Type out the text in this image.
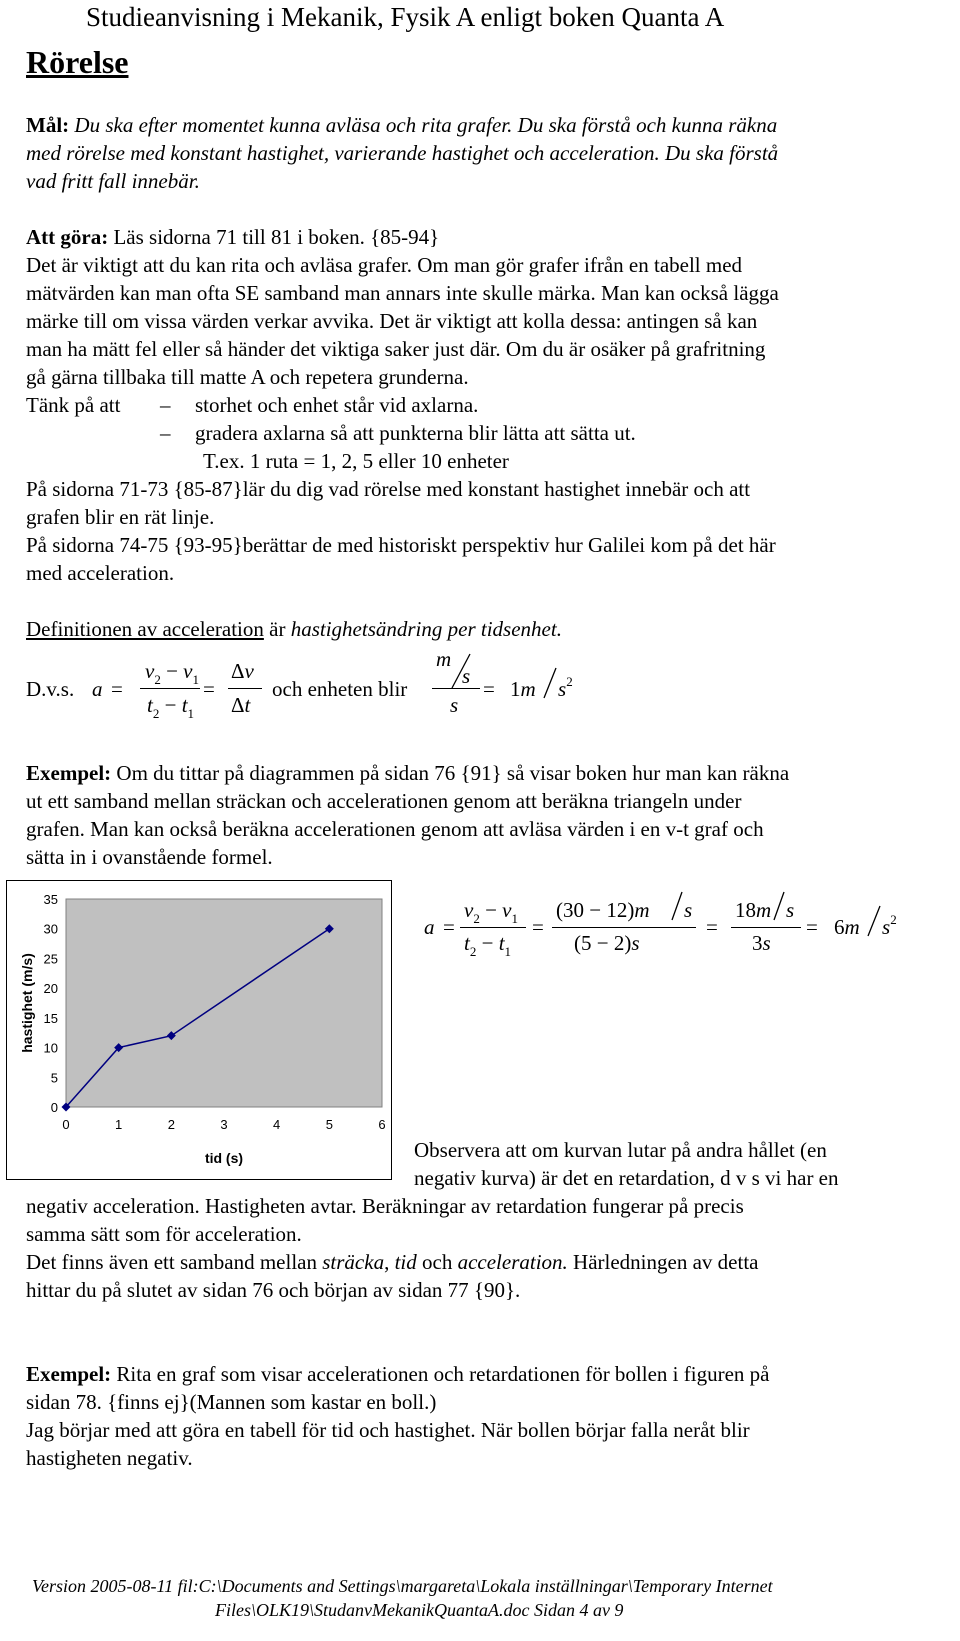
Studieanvisning i Mekanik, Fysik A enligt boken Quanta A
Rörelse
Mål: Du ska efter momentet kunna avläsa och rita grafer. Du ska förstå och kunna räkna
med rörelse med konstant hastighet, varierande hastighet och acceleration. Du ska förstå
vad fritt fall innebär.
Att göra: Läs sidorna 71 till 81 i boken. {85-94}
Det är viktigt att du kan rita och avläsa grafer. Om man gör grafer ifrån en tabell med
mätvärden kan man ofta SE samband man annars inte skulle märka. Man kan också lägga
märke till om vissa värden verkar avvika. Det är viktigt att kolla dessa: antingen så kan
man ha mätt fel eller så händer det viktiga saker just där. Om du är osäker på grafritning
gå gärna tillbaka till matte A och repetera grunderna.
Tänk på att – storhet och enhet står vid axlarna.
– gradera axlarna så att punkterna blir lätta att sätta ut.
T.ex. 1 ruta = 1, 2, 5 eller 10 enheter
På sidorna 71-73 {85-87}lär du dig vad rörelse med konstant hastighet innebär och att
grafen blir en rät linje.
På sidorna 74-75 {93-95}berättar de med historiskt perspektiv hur Galilei kom på det här
med acceleration.
Definitionen av acceleration är hastighetsändring per tidsenhet.
D.v.s. a =
$v_2 - v_1$
$t_2 - t_1$
=
Δv
Δt
och enheten blir
m
s
s
= 1m $s^2$
Exempel: Om du tittar på diagrammen på sidan 76 {91} så visar boken hur man kan räkna
ut ett samband mellan sträckan och accelerationen genom att beräkna triangeln under
grafen. Man kan också beräkna accelerationen genom att avläsa värden i en v-t graf och
sätta in i ovanstående formel.
0
5
10
15
20
25
30
35
0	1	2	3	4	5	6
tid (s)
hastighet (m/s)
a =
$v_2 - v_1$
$t_2 - t_1$
=
(30 − 12)m s
(5 − 2)s
=
18m s
3s
= 6m $s^2$
Observera att om kurvan lutar på andra hållet (en
negativ kurva) är det en retardation, d v s vi har en
negativ acceleration. Hastigheten avtar. Beräkningar av retardation fungerar på precis
samma sätt som för acceleration.
Det finns även ett samband mellan sträcka, tid och acceleration. Härledningen av detta
hittar du på slutet av sidan 76 och början av sidan 77 {90}.
Exempel: Rita en graf som visar accelerationen och retardationen för bollen i figuren på
sidan 78. {finns ej}(Mannen som kastar en boll.)
Jag börjar med att göra en tabell för tid och hastighet. När bollen börjar falla neråt blir
hastigheten negativ.
Version 2005-08-11 fil:C:\Documents and Settings\margareta\Lokala inställningar\Temporary Internet
Files\OLK19\StudanvMekanikQuantaA.doc Sidan 4 av 9
